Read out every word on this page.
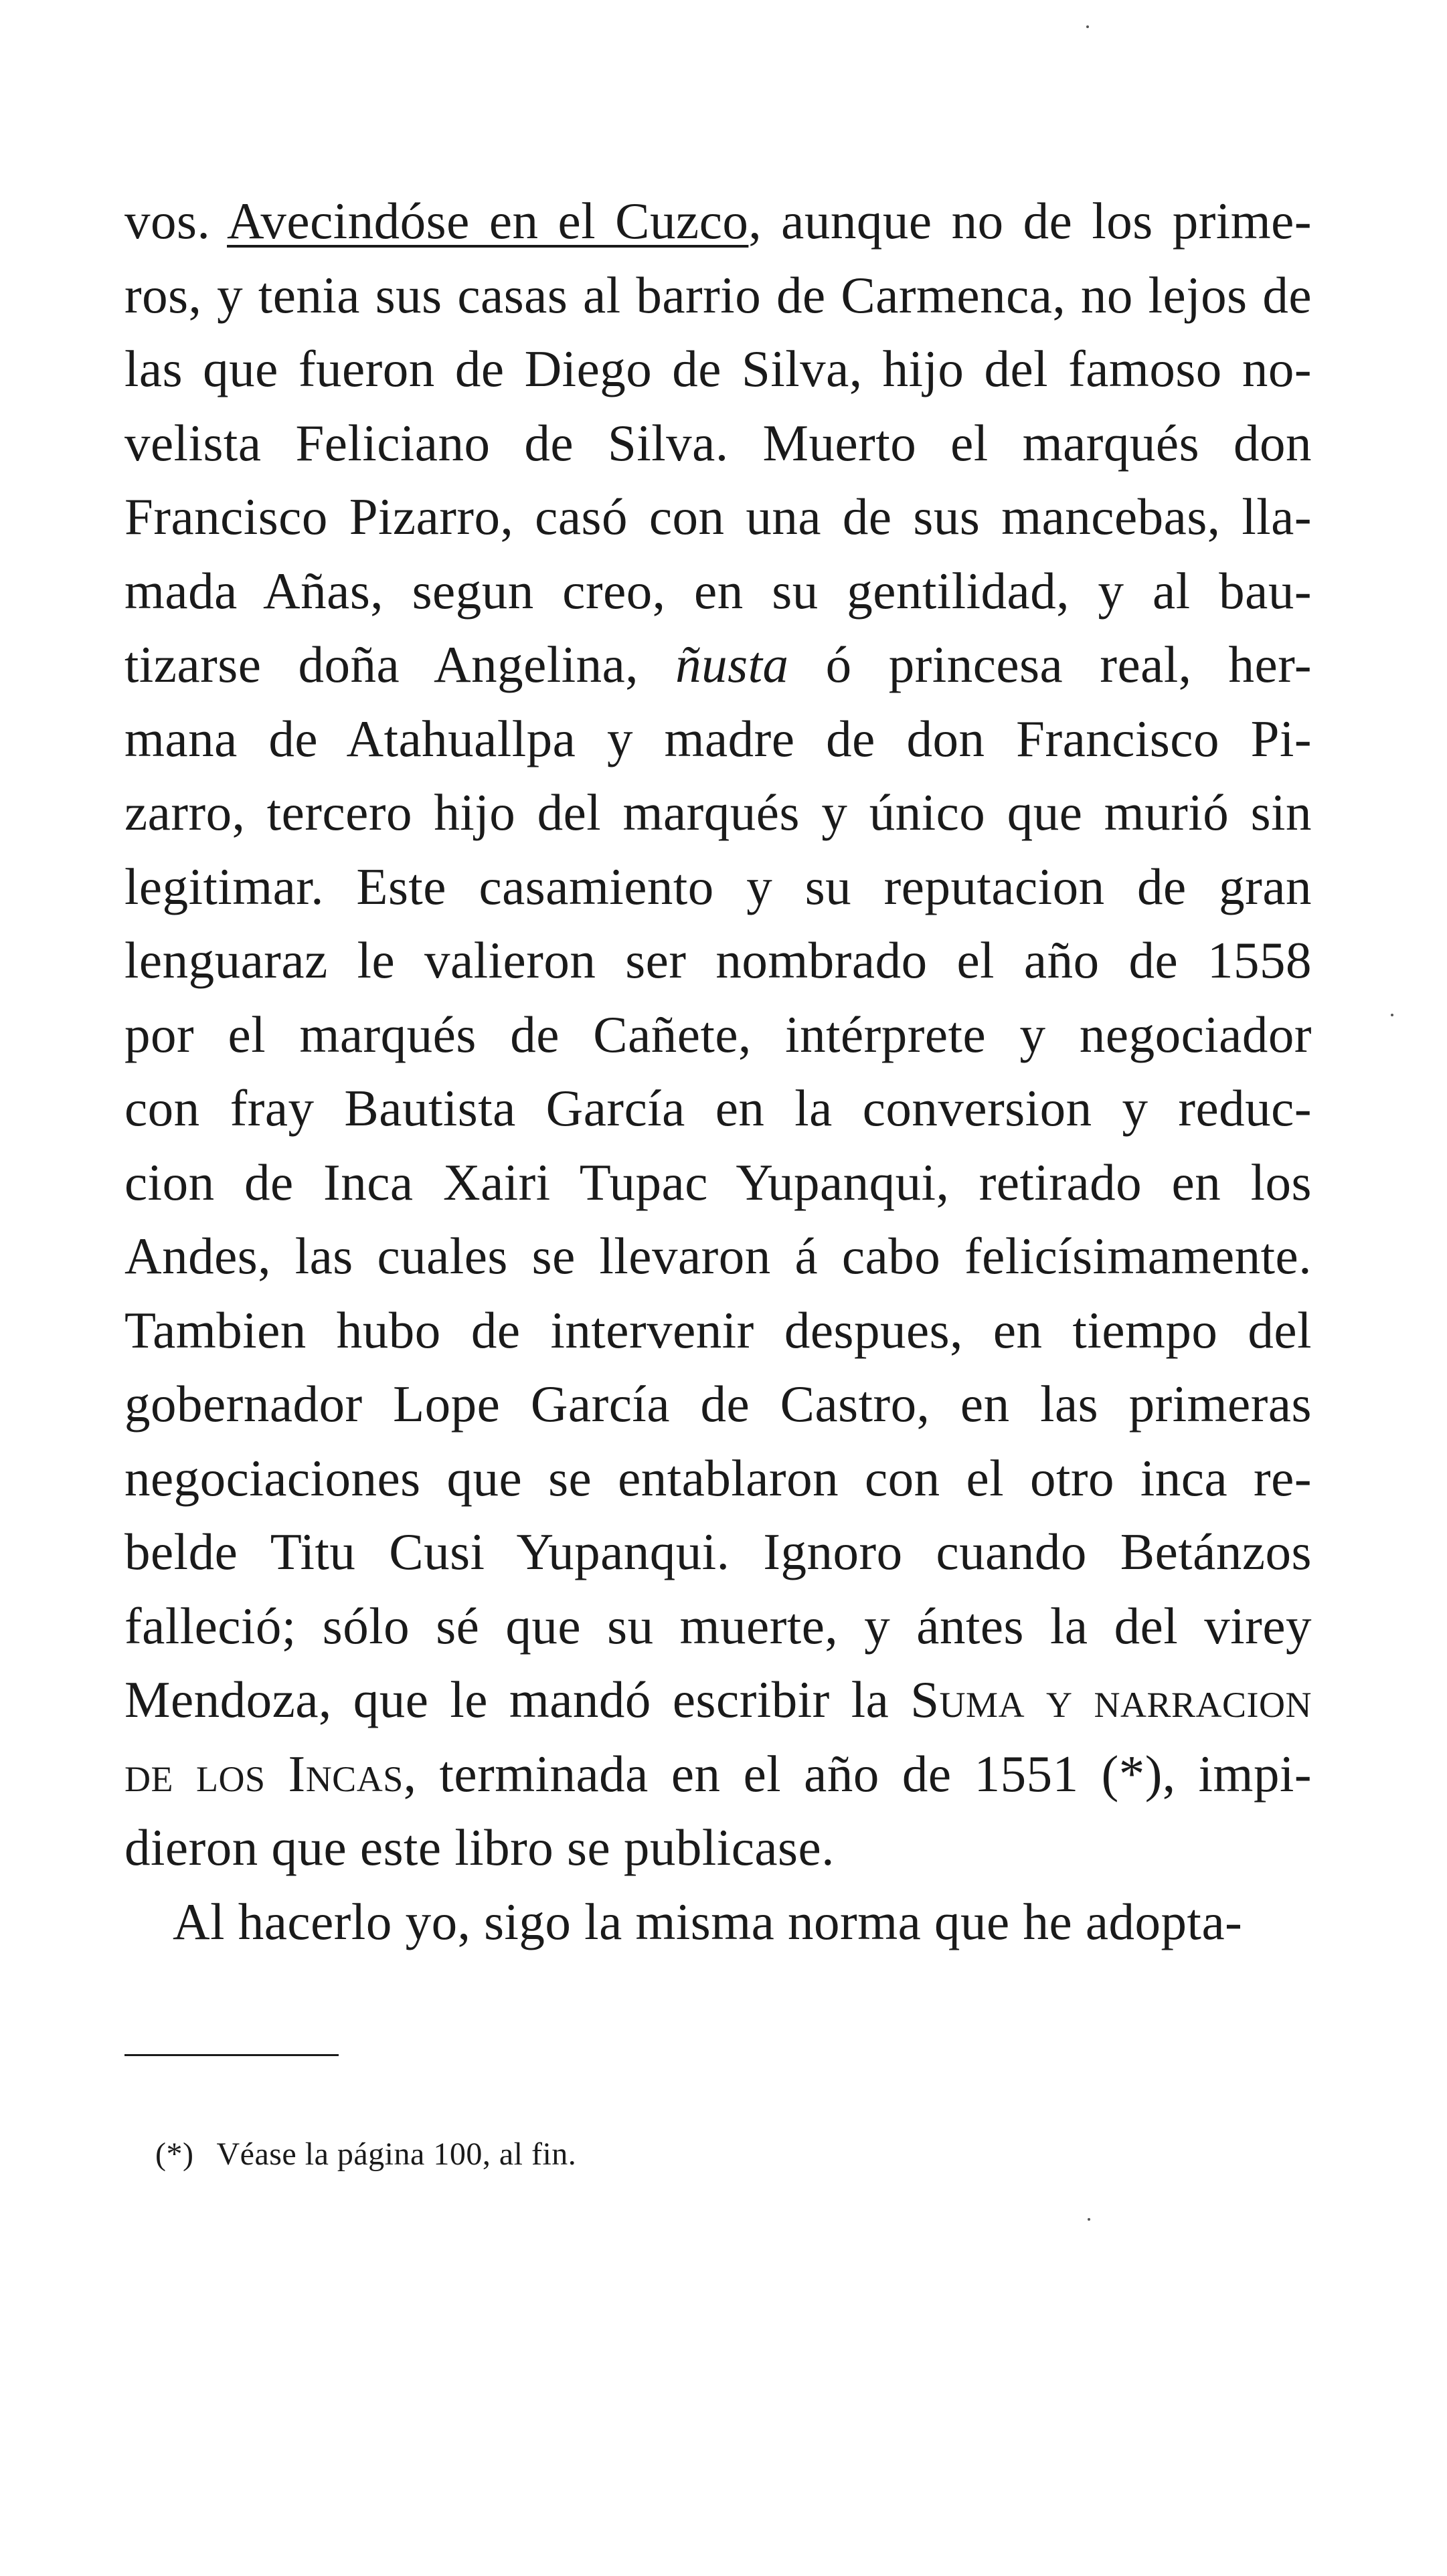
vos. Avecindóse en el Cuzco, aunque no de los prime-
ros, y tenia sus casas al barrio de Carmenca, no lejos de
las que fueron de Diego de Silva, hijo del famoso no-
velista Feliciano de Silva. Muerto el marqués don
Francisco Pizarro, casó con una de sus mancebas, lla-
mada Añas, segun creo, en su gentilidad, y al bau-
tizarse doña Angelina, ñusta ó princesa real, her-
mana de Atahuallpa y madre de don Francisco Pi-
zarro, tercero hijo del marqués y único que murió sin
legitimar. Este casamiento y su reputacion de gran
lenguaraz le valieron ser nombrado el año de 1558
por el marqués de Cañete, intérprete y negociador
con fray Bautista García en la conversion y reduc-
cion de Inca Xairi Tupac Yupanqui, retirado en los
Andes, las cuales se llevaron á cabo felicísimamente.
Tambien hubo de intervenir despues, en tiempo del
gobernador Lope García de Castro, en las primeras
negociaciones que se entablaron con el otro inca re-
belde Titu Cusi Yupanqui. Ignoro cuando Betánzos
falleció; sólo sé que su muerte, y ántes la del virey
Mendoza, que le mandó escribir la Suma y narracion
de los Incas, terminada en el año de 1551 (*), impi-
dieron que este libro se publicase.
Al hacerlo yo, sigo la misma norma que he adopta-
(*) Véase la página 100, al fin.
